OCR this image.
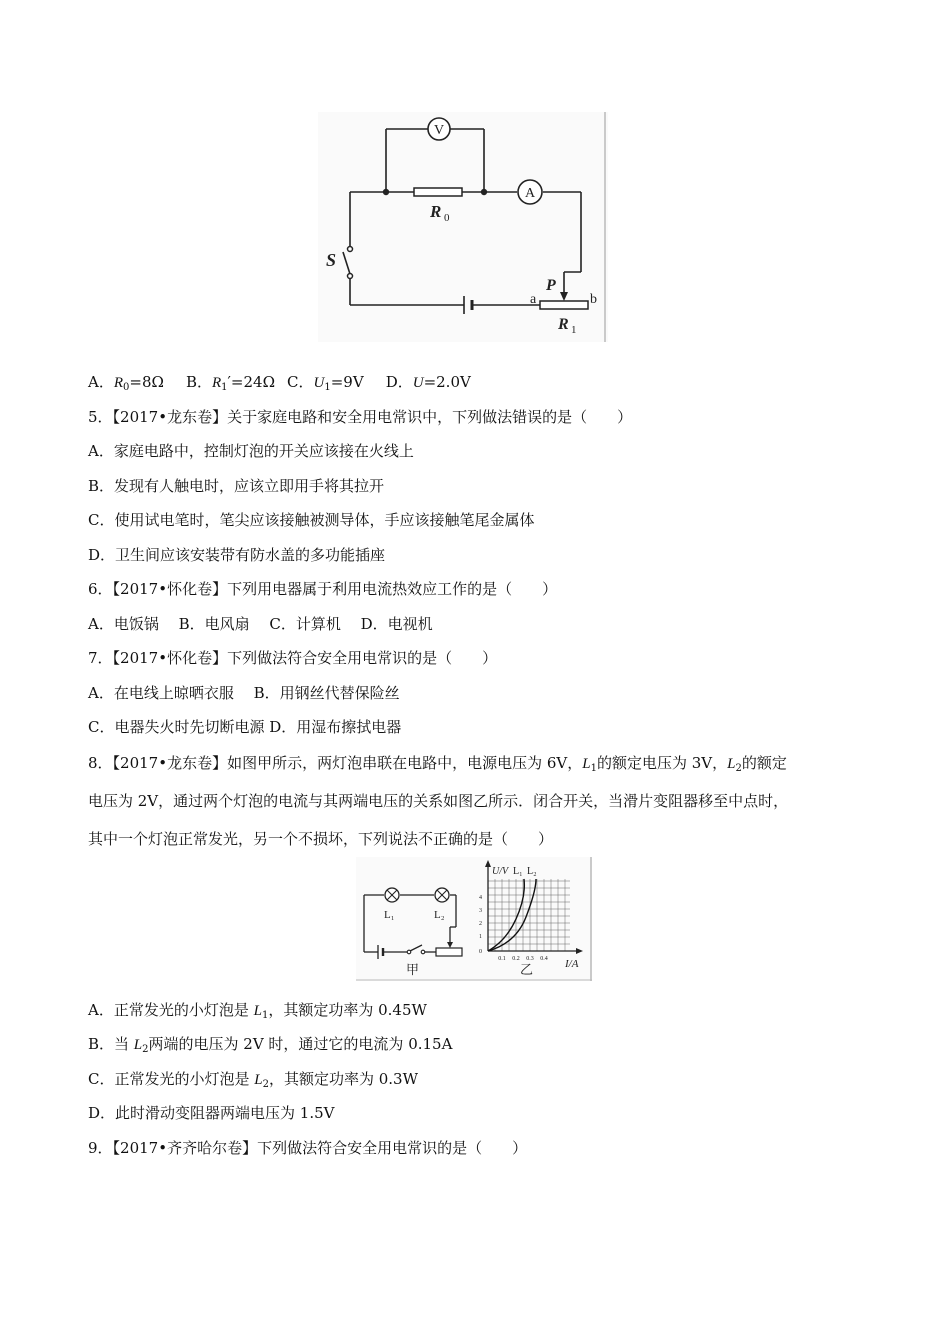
V
A
R 0
S
P
a	b
R 1
A．$R_0=8\Omega$ B．$R_1'=24\Omega$ C．$U_1=9V$ D．U=2.0V
5．【2017•龙东卷】关于家庭电路和安全用电常识中，下列做法错误的是（　　）
A．家庭电路中，控制灯泡的开关应该接在火线上
B．发现有人触电时，应该立即用手将其拉开
C．使用试电笔时，笔尖应该接触被测导体，手应该接触笔尾金属体
D．卫生间应该安装带有防水盖的多功能插座
6．【2017•怀化卷】下列用电器属于利用电流热效应工作的是（　　）
A．电饭锅　 B．电风扇　 C．计算机　 D．电视机
7．【2017•怀化卷】下列做法符合安全用电常识的是（　　）
A．在电线上晾晒衣服　 B．用钢丝代替保险丝
C．电器失火时先切断电源 D．用湿布擦拭电器
8．【2017•龙东卷】如图甲所示，两灯泡串联在电路中，电源电压为 6V，$L_1$的额定电压为 3V，$L_2$的额定
电压为 2V，通过两个灯泡的电流与其两端电压的关系如图乙所示．闭合开关，当滑片变阻器移至中点时，
其中一个灯泡正常发光，另一个不损坏，下列说法不正确的是（　　）
L₁	L₂
甲
U/V L₁ L₂
4
3
2
1
0
0.1 0.2 0.3 0.4
乙	I/A
A．正常发光的小灯泡是 $L_1$，其额定功率为 0.45W
B．当 $L_2$两端的电压为 2V 时，通过它的电流为 0.15A
C．正常发光的小灯泡是 $L_2$，其额定功率为 0.3W
D．此时滑动变阻器两端电压为 1.5V
9．【2017•齐齐哈尔卷】下列做法符合安全用电常识的是（　　）
